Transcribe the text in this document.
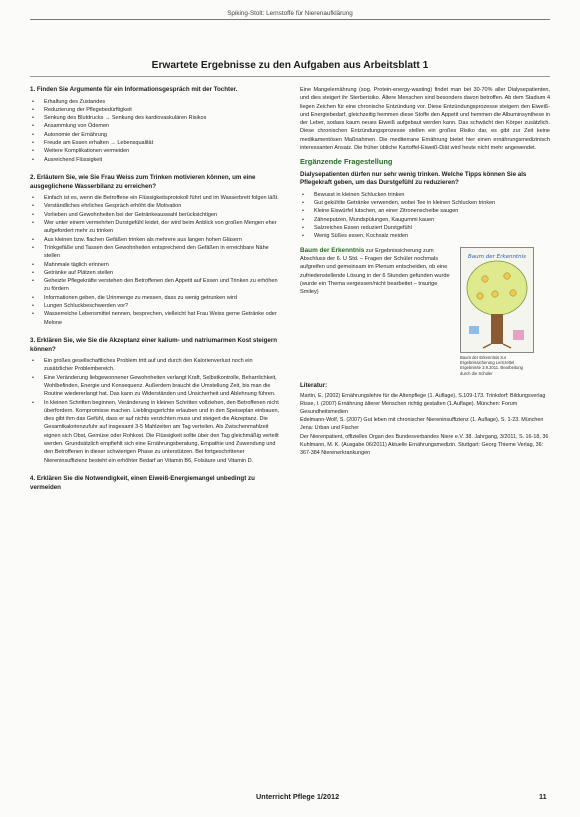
Spiking-Stolt: Lernstoffe für Nierenaufklärung
Erwartete Ergebnisse zu den Aufgaben aus Arbeitsblatt 1
1. Finden Sie Argumente für ein Informationsgespräch mit der Tochter.
• Erhaltung des Zustandes
• Reduzierung der Pflegebedürftigkeit
• Senkung des Blutdrucks → Senkung des kardiovaskulären Risikos
• Ansammlung von Ödemen
• Autonomie der Ernährung
• Freude am Essen erhalten → Lebensqualität
• Weitere Komplikationen vermeiden
• Ausreichend Flüssigkeit
2. Erläutern Sie, wie Sie Frau Weiss zum Trinken motivieren können, um eine ausgeglichene Wasserbilanz zu erreichen?
• Einfach ist es, wenn die Betroffene ein Flüssigkeitsprotokoll führt und im Wasserbrett folgen läßt.
• Verständliches ehrliches Gespräch erhöht die Motivation
• Vorlieben und Gewohnheiten bei der Getränkeauswahl berücksichtigen
• Wer unter einem vermehrten Durstgefühl leidet, der wird beim Anblick von großen Mengen eher aufgefordert mehr zu trinken
• Aus kleinen bzw. flachen Gefäßen trinken als mehrere aus langen hohen Gläsern
• Trinkgefäße und Tassen den Gewohnheiten entsprechend den Gefäßen in erreichbare Nähe stellen
• Mahnmale täglich erinnern
• Getränke auf Plätzen stellen
• Geheizte Pflegekräfte verstehen den Betroffenen den Appetit auf Essen und Trinken zu erhöhen zu fördern
• Informationen geben, die Urinmenge zu messen, dass zu wenig getrunken wird
• Lungen Schluckbeschwerden vor?
• Wasserreiche Lebensmittel nennen, besprechen, vielleicht hat Frau Weiss gerne Getränke oder Melone
3. Erklären Sie, wie Sie die Akzeptanz einer kalium- und natriumarmen Kost steigern können?
• Ein großes gesellschaftliches Problem tritt auf und durch den Kalorienverlust noch ein zusätzlicher Problembereich.
• Eine Veränderung liebgewonnener Gewohnheiten verlangt Kraft, Selbstkontrolle, Beharrlichkeit, Wohlbefinden, Energie und Konsequenz. Außerdem braucht die Umstellung Zeit, bis man die Routine wiedererlangt hat. Das kann zu Widerständen und Unsicherheit und Ablehnung führen.
• In kleinen Schritten beginnen, Veränderung in kleinen Schritten vollziehen, den Betroffenen nicht überfordern. Kompromisse machen. Lieblingsgerichte erlauben und in den Speiseplan einbauen, dies gibt ihm das Gefühl, dass er auf nichts verzichten muss und steigert die Akzeptanz. Die Gesamtkalorienzufuhr auf insgesamt 3-5 Mahlzeiten am Tag verteilen. Als Zwischenmahlzeit eignen sich Obst, Gemüse oder Rohkost. Die Flüssigkeit sollte über den Tag gleichmäßig verteilt werden. Grundsätzlich empfiehlt sich eine Ernährungsberatung, Empathie und Zuwendung und den Betroffenen in dieser schwierigen Phase zu unterstützen. Bei fortgeschrittener Niereninsuffizienz besteht ein erhöhter Bedarf an Vitamin B6, Folsäure und Vitamin D.
4. Erklären Sie die Notwendigkeit, einen Eiweiß-Energiemangel unbedingt zu vermeiden

Eine Mangelernährung (sog. Protein-energy-wasting) findet man bei 30-70% aller Dialysepatienten, und dies steigert ihr Sterberisiko. Ältere Menschen sind besonders davon betroffen. Ab dem Stadium 4 liegen Zeichen für eine chronische Entzündung vor. Diese Entzündungsprozesse steigern den Eiweiß- und Energiebedarf, gleichzeitig hemmen diese Stoffe den Appetit und hemmen die Albuminsynthese in der Leber, sodass kaum neues Eiweiß aufgebaut werden kann. Das schwächt den Körper zusätzlich. Diese chronischen Entzündungsprozesse stellen ein großes Risiko dar, es gibt zur Zeit keine medikamentösen Maßnahmen. Die mediterrane Ernährung bietet hier einen ernährungsmedizinisch interessanten Ansatz. Die früher übliche Kartoffel-Eiweiß-Diät wird heute nicht mehr angewendet.

Ergänzende Fragestellung
Dialysepatienten dürfen nur sehr wenig trinken. Welche Tipps können Sie als Pflegekraft geben, um das Durstgefühl zu reduzieren?
• Bewusst in kleinen Schlucken trinken
• Gut gekühlte Getränke verwenden, wobei Tee in kleinen Schlucken trinken
• Kleine Eiswürfel lutschen, an einer Zitronenscheibe saugen
• Zähneputzen, Mundspülungen, Kaugummi kauen
• Salzreiches Essen reduziert Durstgefühl
• Wenig Süßes essen, Kochsalz meiden
Baum der Erkenntnis zur Ergebnissicherung zum Abschluss der 6. U Std. – Fragen der Schüler nochmals aufgreifen und gemeinsam im Plenum entscheiden, ob eine zufriedenstellende Lösung in der 6 Stunden gefunden wurde (wurde ein Thema vergessen/nicht bearbeitet – traurige Smiley)
Baum der Erkenntnis
Baum der Erkenntnis zur Ergebnissicherung Lernzettel Ergebnisse 3.9.2011. Bearbeitung durch die Schüler
Literatur:

Martin, E. (2002) Ernährungslehre für die Altenpflege (1. Auflage), S.109-173. Trinkdorf: Bildungsverlag

Risse, I. (2007) Ernährung älterer Menschen richtig gestalten (1.Auflage). München: Forum Gesundheitsmedien

Edelmann-Wolf, S. (2007) Gut leben mit chronischer Niereninsuffizienz (1. Auflage), S. 1-23. München Jena: Urban und Fischer

Der Nierenpatient, offizielles Organ des Bundesverbandes Niere e.V. 38. Jahrgang, 3/2011, S. 16-18, 36

Kuhlmann, M. K. (Ausgabe 06/2011) Aktuelle Ernährungsmedizin. Stuttgart: Georg Thieme Verlag, 36: 367-384 Nierenerkrankungen

Unterricht Pflege 1/2012	11
